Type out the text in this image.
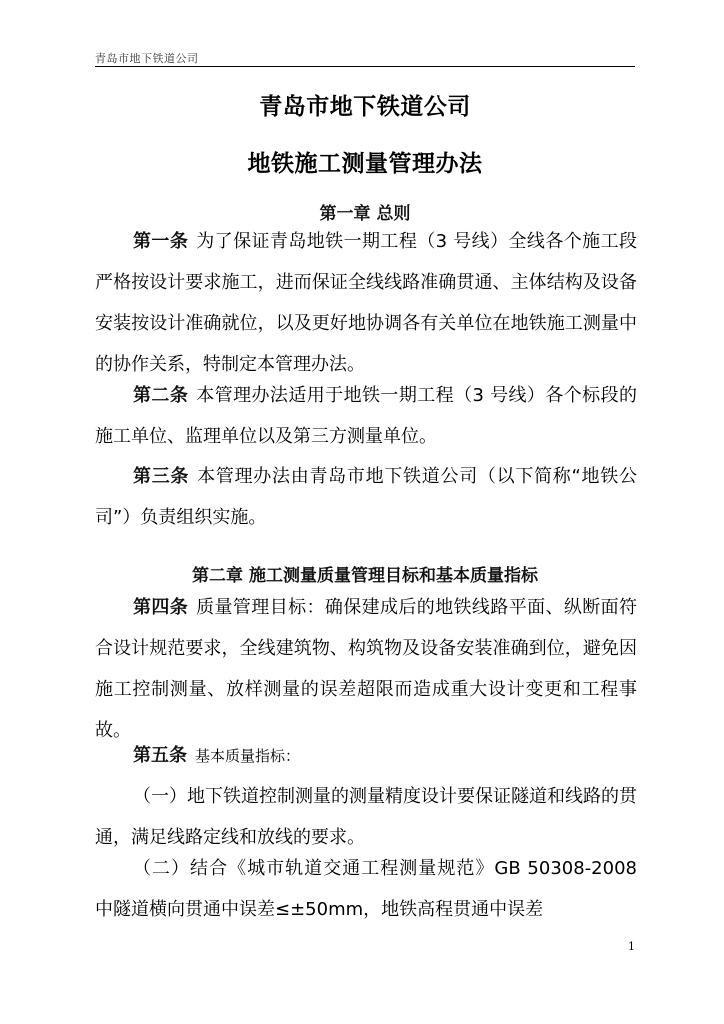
青岛市地下铁道公司
青岛市地下铁道公司
地铁施工测量管理办法
第一章 总则
第一条 为了保证青岛地铁一期工程（3 号线）全线各个施工段严格按设计要求施工，进而保证全线线路准确贯通、主体结构及设备安装按设计准确就位，以及更好地协调各有关单位在地铁施工测量中的协作关系，特制定本管理办法。
第二条 本管理办法适用于地铁一期工程（3 号线）各个标段的施工单位、监理单位以及第三方测量单位。
第三条 本管理办法由青岛市地下铁道公司（以下简称“地铁公司”）负责组织实施。
第二章 施工测量质量管理目标和基本质量指标
第四条 质量管理目标：确保建成后的地铁线路平面、纵断面符合设计规范要求，全线建筑物、构筑物及设备安装准确到位，避免因施工控制测量、放样测量的误差超限而造成重大设计变更和工程事故。
第五条 基本质量指标：
（一）地下铁道控制测量的测量精度设计要保证隧道和线路的贯通，满足线路定线和放线的要求。
（二）结合《城市轨道交通工程测量规范》GB 50308-2008 中隧道横向贯通中误差≤±50mm，地铁高程贯通中误差
1
